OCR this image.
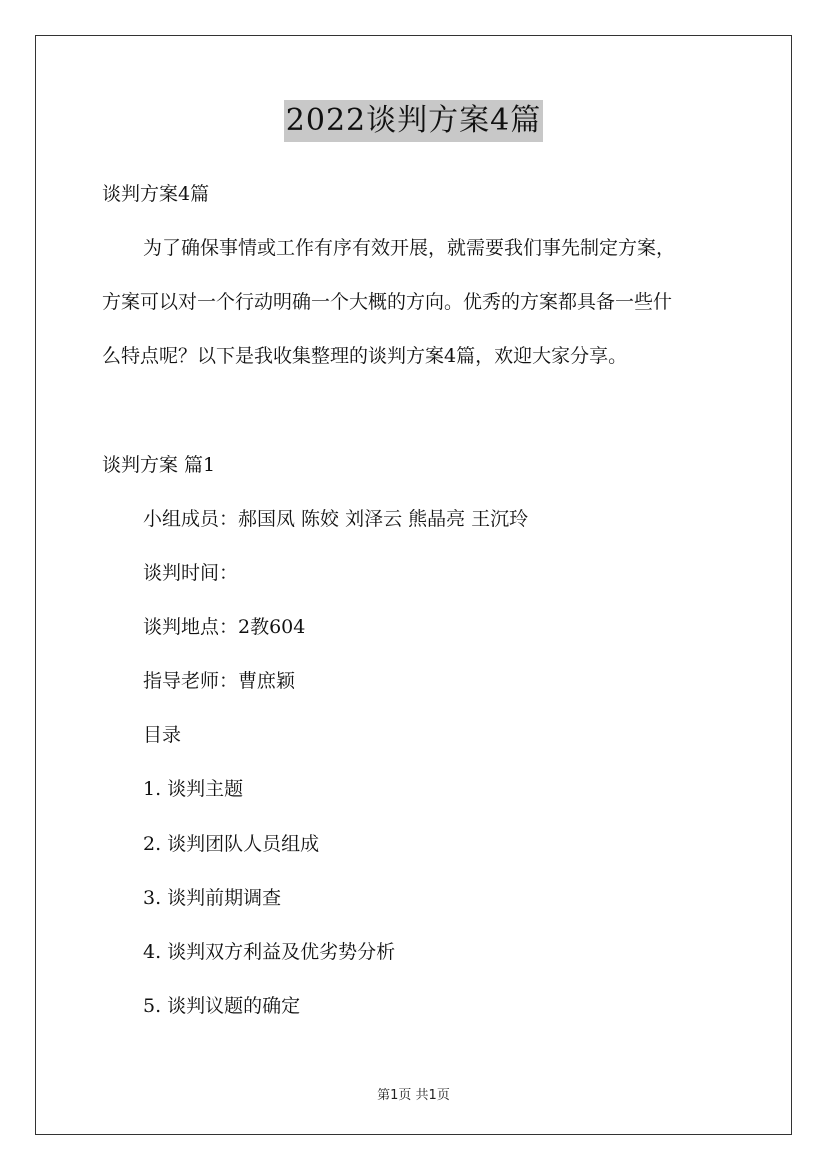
2022谈判方案4篇
谈判方案4篇
为了确保事情或工作有序有效开展，就需要我们事先制定方案，
方案可以对一个行动明确一个大概的方向。优秀的方案都具备一些什
么特点呢？以下是我收集整理的谈判方案4篇，欢迎大家分享。
谈判方案 篇1
小组成员：郝国凤 陈姣 刘泽云 熊晶亮 王沉玲
谈判时间：
谈判地点：2教604
指导老师：曹庶颖
目录
1. 谈判主题
2. 谈判团队人员组成
3. 谈判前期调查
4. 谈判双方利益及优劣势分析
5. 谈判议题的确定
第1页 共1页
